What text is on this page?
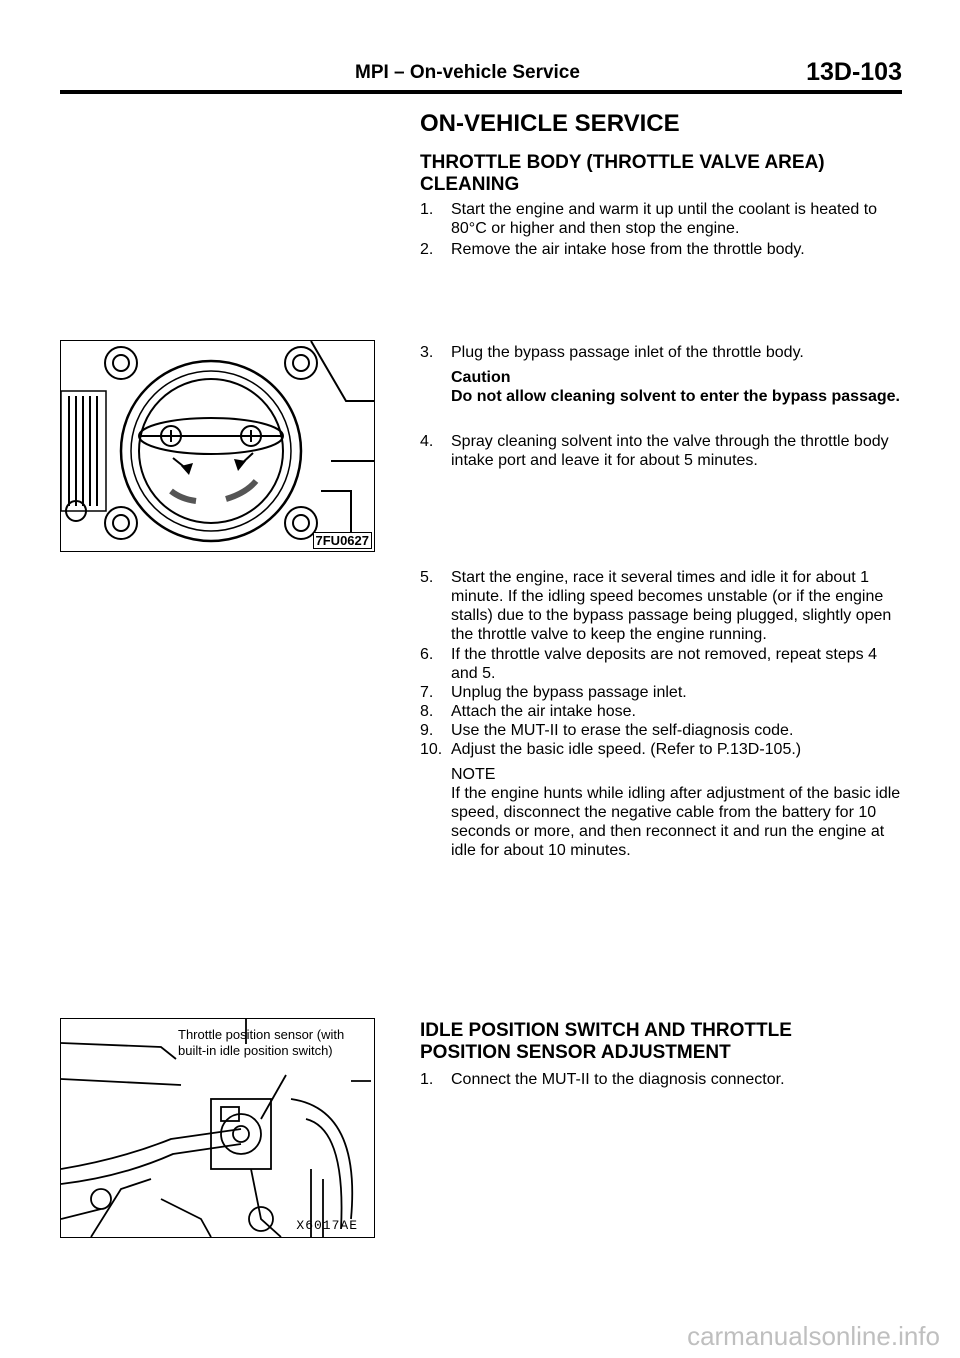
MPI – On-vehicle Service	13D-103
ON-VEHICLE SERVICE
THROTTLE BODY (THROTTLE VALVE AREA)
CLEANING
1. Start the engine and warm it up until the coolant is heated to 80°C or higher and then stop the engine.
2. Remove the air intake hose from the throttle body.
3. Plug the bypass passage inlet of the throttle body.
Caution
Do not allow cleaning solvent to enter the bypass passage.
4. Spray cleaning solvent into the valve through the throttle body intake port and leave it for about 5 minutes.
5. Start the engine, race it several times and idle it for about 1 minute. If the idling speed becomes unstable (or if the engine stalls) due to the bypass passage being plugged, slightly open the throttle valve to keep the engine running.
6. If the throttle valve deposits are not removed, repeat steps 4 and 5.
7. Unplug the bypass passage inlet.
8. Attach the air intake hose.
9. Use the MUT-II to erase the self-diagnosis code.
10. Adjust the basic idle speed. (Refer to P.13D-105.)
NOTE
If the engine hunts while idling after adjustment of the basic idle speed, disconnect the negative cable from the battery for 10 seconds or more, and then reconnect it and run the engine at idle for about 10 minutes.
IDLE POSITION SWITCH AND THROTTLE
POSITION SENSOR ADJUSTMENT
1. Connect the MUT-II to the diagnosis connector.
7FU0627
Throttle position sensor (with
built-in idle position switch)
X6017AE
carmanualsonline.info
